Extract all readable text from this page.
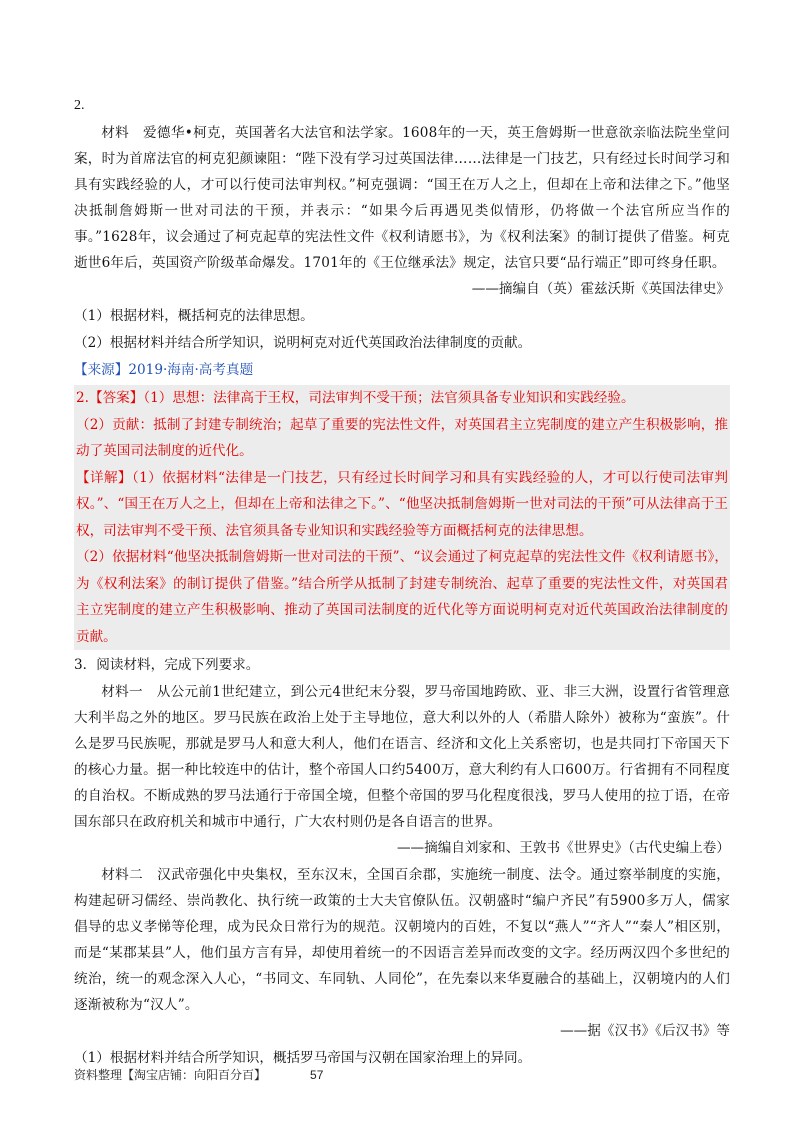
2.

材料　爱德华•柯克，英国著名大法官和法学家。1608年的一天，英王詹姆斯一世意欲亲临法院坐堂问案，时为首席法官的柯克犯颜谏阻：“陛下没有学习过英国法律……法律是一门技艺，只有经过长时间学习和具有实践经验的人，才可以行使司法审判权。”柯克强调：“国王在万人之上，但却在上帝和法律之下。”他坚决抵制詹姆斯一世对司法的干预，并表示：“如果今后再遇见类似情形，仍将做一个法官所应当作的事。”1628年，议会通过了柯克起草的宪法性文件《权利请愿书》，为《权利法案》的制订提供了借鉴。柯克逝世6年后，英国资产阶级革命爆发。1701年的《王位继承法》规定，法官只要“品行端正”即可终身任职。

——摘编自（英）霍兹沃斯《英国法律史》

（1）根据材料，概括柯克的法律思想。

（2）根据材料并结合所学知识，说明柯克对近代英国政治法律制度的贡献。

【来源】2019·海南·高考真题

2.【答案】（1）思想：法律高于王权，司法审判不受干预；法官须具备专业知识和实践经验。

（2）贡献：抵制了封建专制统治；起草了重要的宪法性文件，对英国君主立宪制度的建立产生积极影响，推动了英国司法制度的近代化。

【详解】（1）依据材料“法律是一门技艺，只有经过长时间学习和具有实践经验的人，才可以行使司法审判权。”、“国王在万人之上，但却在上帝和法律之下。”、“他坚决抵制詹姆斯一世对司法的干预”可从法律高于王权，司法审判不受干预、法官须具备专业知识和实践经验等方面概括柯克的法律思想。

（2）依据材料“他坚决抵制詹姆斯一世对司法的干预”、“议会通过了柯克起草的宪法性文件《权利请愿书》，为《权利法案》的制订提供了借鉴。”结合所学从抵制了封建专制统治、起草了重要的宪法性文件，对英国君主立宪制度的建立产生积极影响、推动了英国司法制度的近代化等方面说明柯克对近代英国政治法律制度的贡献。

3．阅读材料，完成下列要求。

材料一　从公元前1世纪建立，到公元4世纪末分裂，罗马帝国地跨欧、亚、非三大洲，设置行省管理意大利半岛之外的地区。罗马民族在政治上处于主导地位，意大利以外的人（希腊人除外）被称为“蛮族”。什么是罗马民族呢，那就是罗马人和意大利人，他们在语言、经济和文化上关系密切，也是共同打下帝国天下的核心力量。据一种比较连中的估计，整个帝国人口约5400万，意大利约有人口600万。行省拥有不同程度的自治权。不断成熟的罗马法通行于帝国全境，但整个帝国的罗马化程度很浅，罗马人使用的拉丁语，在帝国东部只在政府机关和城市中通行，广大农村则仍是各自语言的世界。

——摘编自刘家和、王敦书《世界史》（古代史编上卷）

材料二　汉武帝强化中央集权，至东汉末，全国百余郡，实施统一制度、法令。通过察举制度的实施，构建起研习儒经、崇尚教化、执行统一政策的士大夫官僚队伍。汉朝盛时“编户齐民”有5900多万人，儒家倡导的忠义孝悌等伦理，成为民众日常行为的规范。汉朝境内的百姓，不复以“燕人”“齐人”“秦人”相区别，而是“某郡某县”人，他们虽方言有异，却使用着统一的不因语言差异而改变的文字。经历两汉四个多世纪的统治，统一的观念深入人心，“书同文、车同轨、人同伦”，在先秦以来华夏融合的基础上，汉朝境内的人们逐渐被称为“汉人”。

——据《汉书》《后汉书》等

（1）根据材料并结合所学知识，概括罗马帝国与汉朝在国家治理上的异同。

资料整理【淘宝店铺：向阳百分百】	57
